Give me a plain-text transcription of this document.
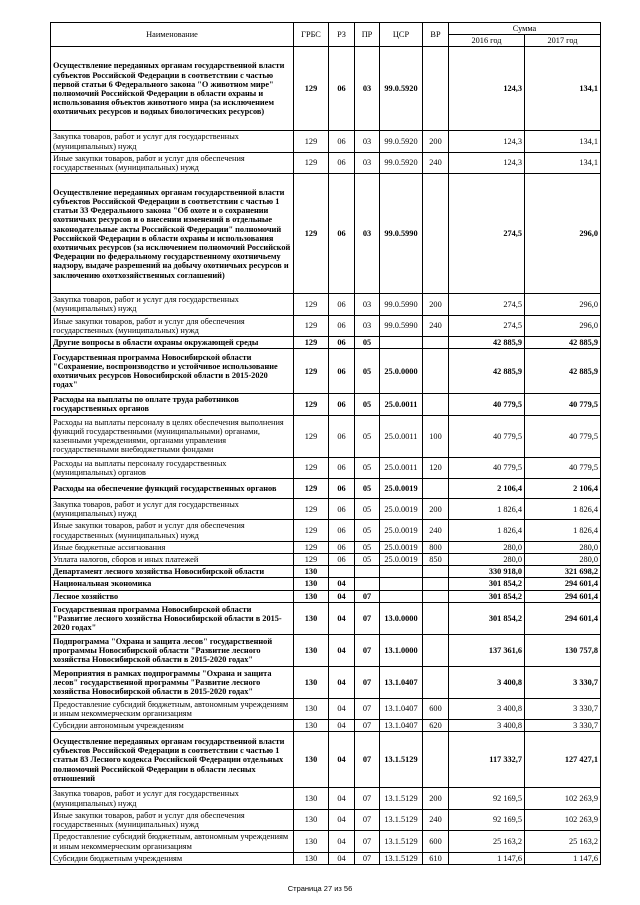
Наименование	ГРБС	РЗ	ПР	ЦСР	ВР	Сумма	
						2016 год	2017 год
Осуществление переданных органам государственной власти субъектов Российской Федерации в соответствии с частью первой статьи 6 Федерального закона "О животном мире" полномочий Российской Федерации в области охраны и использования объектов животного мира (за исключением охотничьих ресурсов и водных биологических ресурсов)	129	06	03	99.0.5920		124,3	134,1
Закупка товаров, работ и услуг для государственных (муниципальных) нужд	129	06	03	99.0.5920	200	124,3	134,1
Иные закупки товаров, работ и услуг для обеспечения государственных (муниципальных) нужд	129	06	03	99.0.5920	240	124,3	134,1
Осуществление переданных органам государственной власти субъектов Российской Федерации в соответствии с частью 1 статьи 33 Федерального закона "Об охоте и о сохранении охотничьих ресурсов и о внесении изменений в отдельные законодательные акты Российской Федерации" полномочий Российской Федерации в области охраны и использования охотничьих ресурсов (за исключением полномочий Российской Федерации по федеральному государственному охотничьему надзору, выдаче разрешений на добычу охотничьих ресурсов и заключению охотхозяйственных соглашений)	129	06	03	99.0.5990		274,5	296,0
Закупка товаров, работ и услуг для государственных (муниципальных) нужд	129	06	03	99.0.5990	200	274,5	296,0
Иные закупки товаров, работ и услуг для обеспечения государственных (муниципальных) нужд	129	06	03	99.0.5990	240	274,5	296,0
Другие вопросы в области охраны окружающей среды	129	06	05			42 885,9	42 885,9
Государственная программа Новосибирской области "Сохранение, воспроизводство и устойчивое использование охотничьих ресурсов Новосибирской области в 2015-2020 годах"	129	06	05	25.0.0000		42 885,9	42 885,9
Расходы на выплаты по оплате труда работников государственных органов	129	06	05	25.0.0011		40 779,5	40 779,5
Расходы на выплаты персоналу в целях обеспечения выполнения функций государственными (муниципальными) органами, казенными учреждениями, органами управления государственными внебюджетными фондами	129	06	05	25.0.0011	100	40 779,5	40 779,5
Расходы на выплаты персоналу государственных (муниципальных) органов	129	06	05	25.0.0011	120	40 779,5	40 779,5
Расходы на обеспечение функций государственных органов	129	06	05	25.0.0019		2 106,4	2 106,4
Закупка товаров, работ и услуг для государственных (муниципальных) нужд	129	06	05	25.0.0019	200	1 826,4	1 826,4
Иные закупки товаров, работ и услуг для обеспечения государственных (муниципальных) нужд	129	06	05	25.0.0019	240	1 826,4	1 826,4
Иные бюджетные ассигнования	129	06	05	25.0.0019	800	280,0	280,0
Уплата налогов, сборов и иных платежей	129	06	05	25.0.0019	850	280,0	280,0
Департамент лесного хозяйства Новосибирской области	130					330 918,0	321 698,2
Национальная экономика	130	04				301 854,2	294 601,4
Лесное хозяйство	130	04	07			301 854,2	294 601,4
Государственная программа Новосибирской области "Развитие лесного хозяйства Новосибирской области в 2015-2020 годах"	130	04	07	13.0.0000		301 854,2	294 601,4
Подпрограмма "Охрана и защита лесов" государственной программы Новосибирской области "Развитие лесного хозяйства Новосибирской области в 2015-2020 годах"	130	04	07	13.1.0000		137 361,6	130 757,8
Мероприятия в рамках подпрограммы "Охрана и защита лесов" государственной программы "Развитие лесного хозяйства Новосибирской области в 2015-2020 годах"	130	04	07	13.1.0407		3 400,8	3 330,7
Предоставление субсидий бюджетным, автономным учреждениям и иным некоммерческим организациям	130	04	07	13.1.0407	600	3 400,8	3 330,7
Субсидии автономным учреждениям	130	04	07	13.1.0407	620	3 400,8	3 330,7
Осуществление переданных органам государственной власти субъектов Российской Федерации в соответствии с частью 1 статьи 83 Лесного кодекса Российской Федерации отдельных полномочий Российской Федерации в области лесных отношений	130	04	07	13.1.5129		117 332,7	127 427,1
Закупка товаров, работ и услуг для государственных (муниципальных) нужд	130	04	07	13.1.5129	200	92 169,5	102 263,9
Иные закупки товаров, работ и услуг для обеспечения государственных (муниципальных) нужд	130	04	07	13.1.5129	240	92 169,5	102 263,9
Предоставление субсидий бюджетным, автономным учреждениям и иным некоммерческим организациям	130	04	07	13.1.5129	600	25 163,2	25 163,2
Субсидии бюджетным учреждениям	130	04	07	13.1.5129	610	1 147,6	1 147,6
Страница 27 из 56
